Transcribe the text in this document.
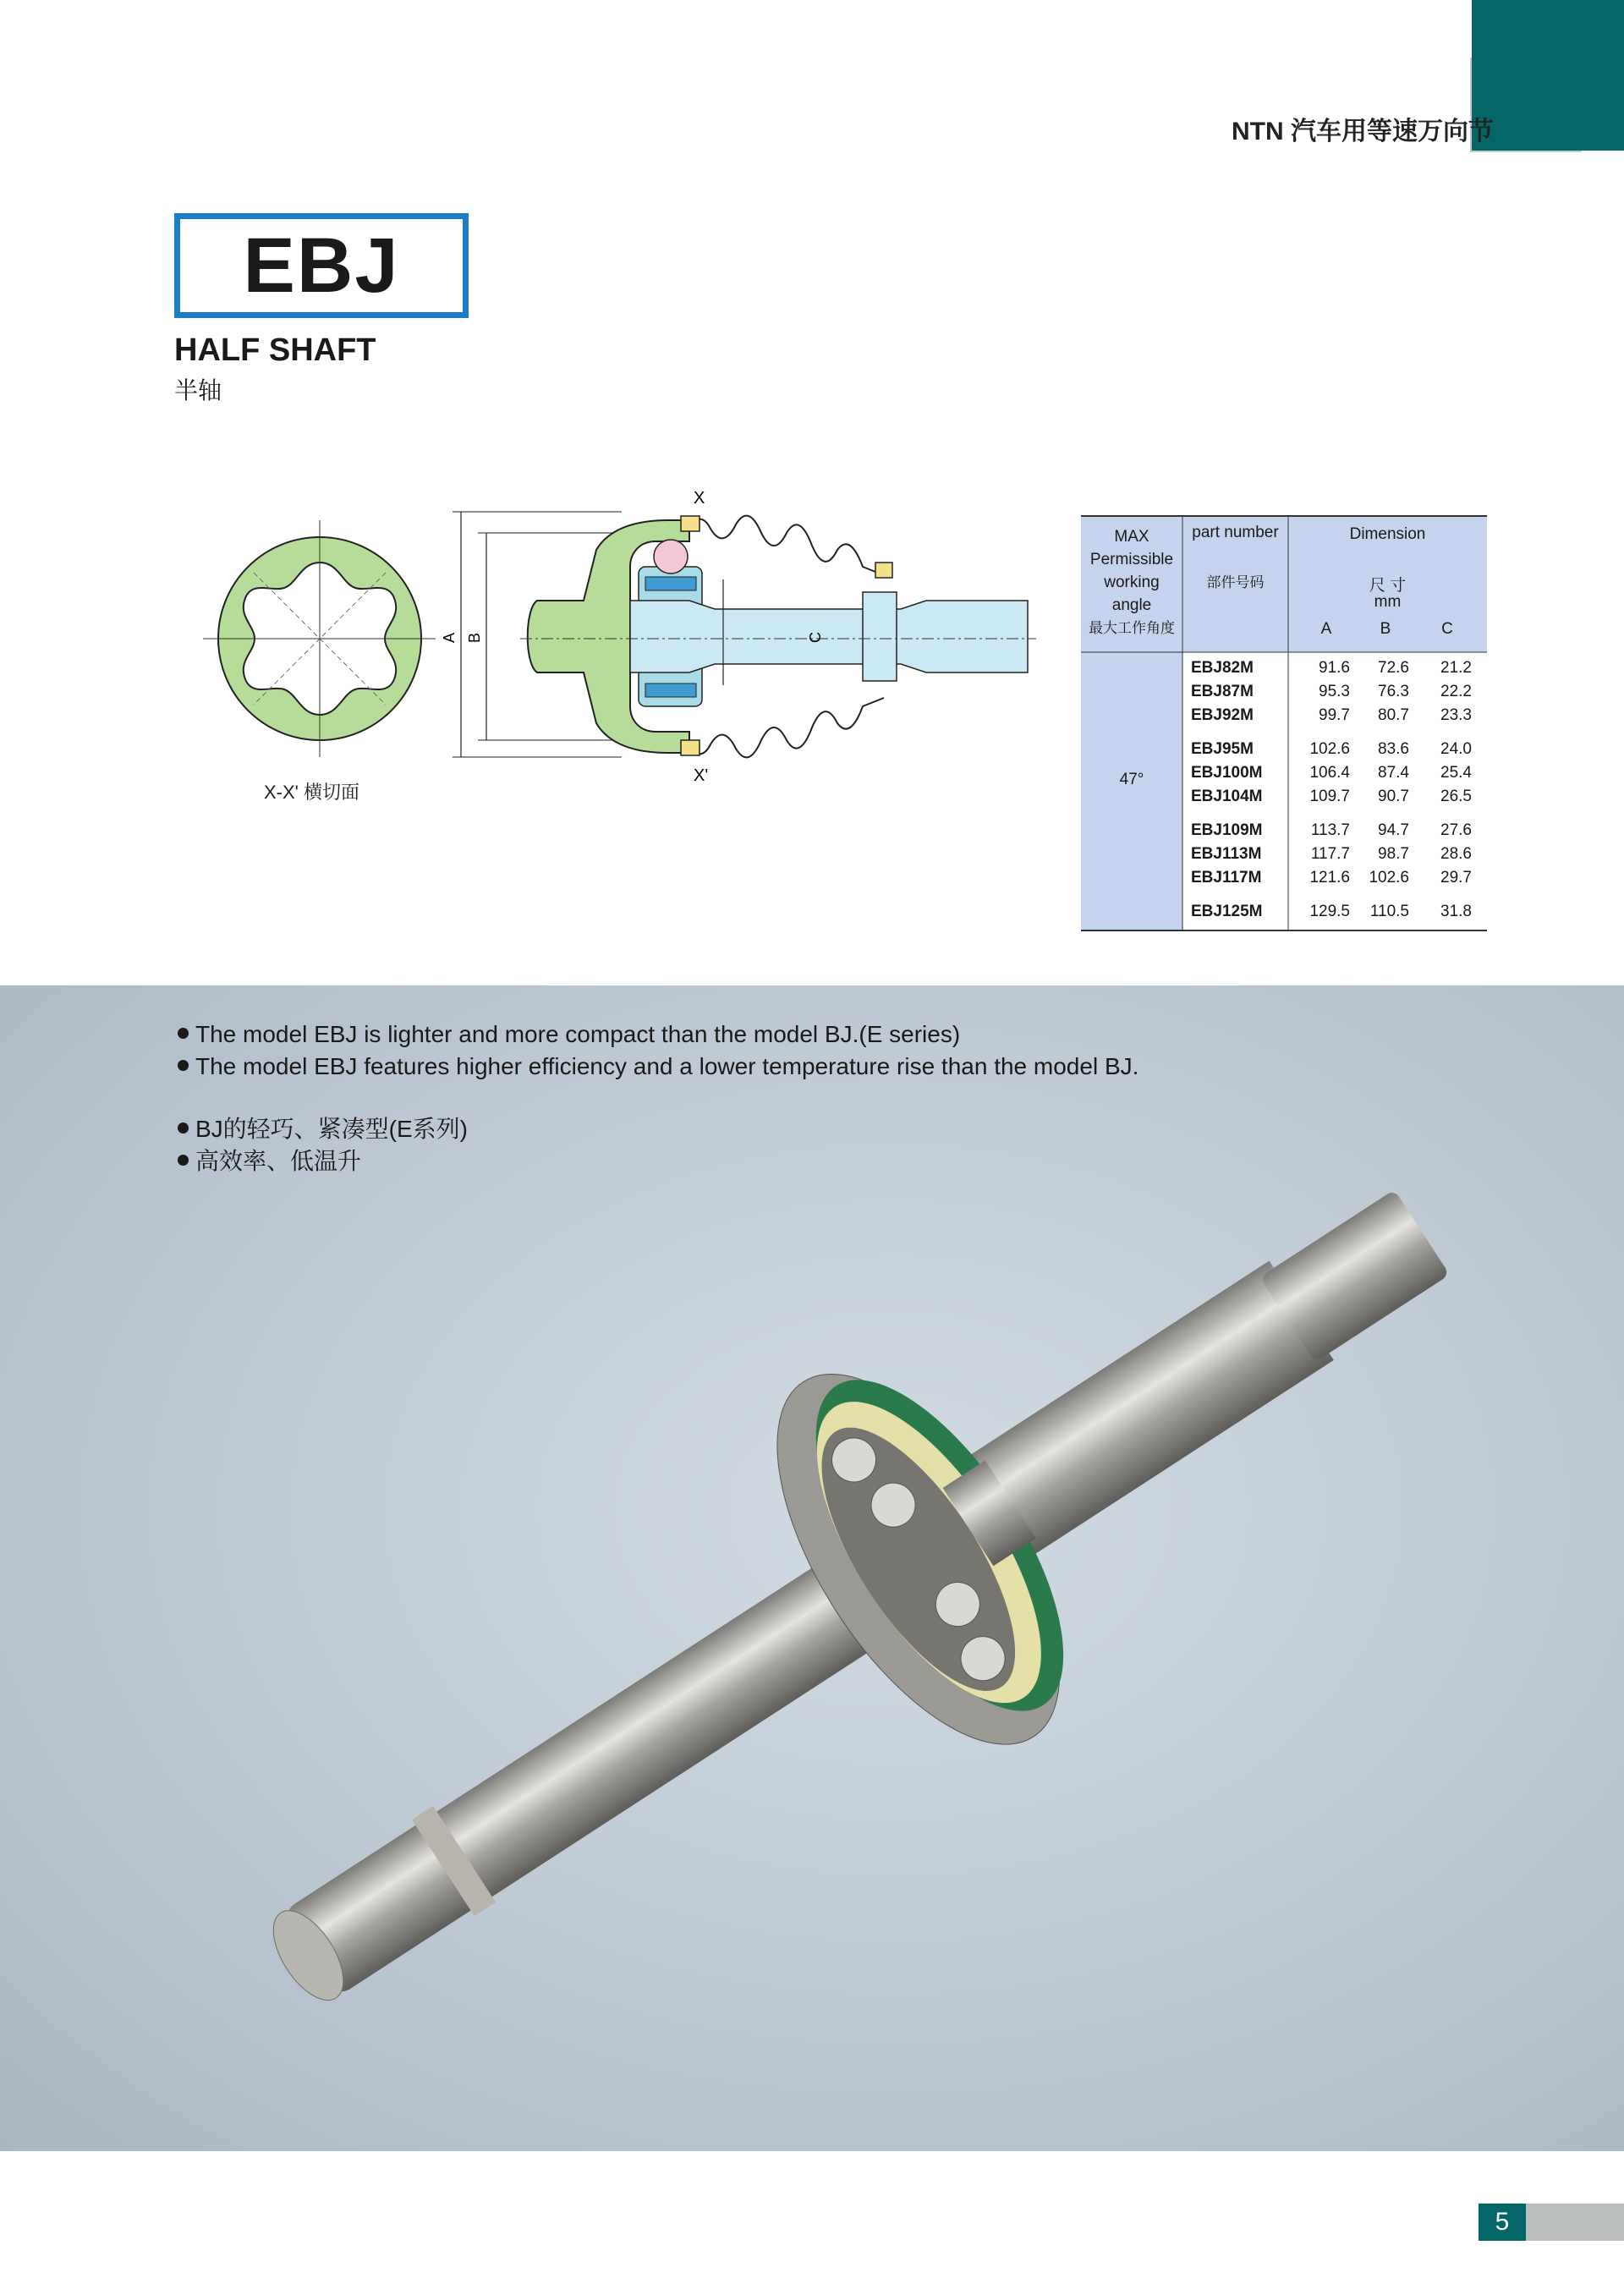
NTN 汽车用等速万向节
EBJ
HALF SHAFT
半轴
A B	C
X
X'
X-X' 横切面
MAX
Permissible
working
angle
最大工作角度
part number
部件号码
Dimension
尺 寸
mm
A	B	C
47°
EBJ82M	91.6	72.6	21.2
EBJ87M	95.3	76.3	22.2
EBJ92M	99.7	80.7	23.3
EBJ95M	102.6	83.6	24.0
EBJ100M	106.4	87.4	25.4
EBJ104M	109.7	90.7	26.5
EBJ109M	113.7	94.7	27.6
EBJ113M	117.7	98.7	28.6
EBJ117M	121.6	102.6	29.7
EBJ125M	129.5	110.5	31.8
The model EBJ is lighter and more compact than the model BJ.(E series)
The model EBJ features higher efficiency and a lower temperature rise than the model BJ.
BJ的轻巧、紧凑型(E系列)
高效率、低温升
5
